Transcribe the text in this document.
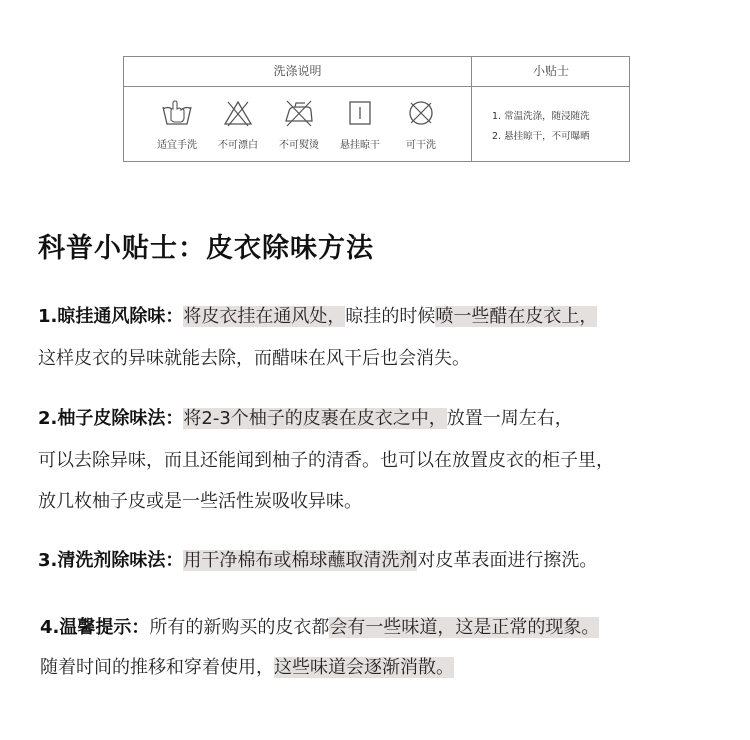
洗涤说明	小贴士
适宜手洗	不可漂白	不可熨烫	悬挂晾干	可干洗
1. 常温洗涤，随浸随洗
2. 悬挂晾干，不可曝晒
科普小贴士：皮衣除味方法
1.晾挂通风除味：将皮衣挂在通风处，晾挂的时候喷一些醋在皮衣上，
这样皮衣的异味就能去除，而醋味在风干后也会消失。
2.柚子皮除味法：将2-3个柚子的皮裹在皮衣之中，放置一周左右，
可以去除异味，而且还能闻到柚子的清香。也可以在放置皮衣的柜子里，
放几枚柚子皮或是一些活性炭吸收异味。
3.清洗剂除味法：用干净棉布或棉球蘸取清洗剂对皮革表面进行擦洗。
4.温馨提示：所有的新购买的皮衣都会有一些味道，这是正常的现象。
随着时间的推移和穿着使用，这些味道会逐渐消散。
